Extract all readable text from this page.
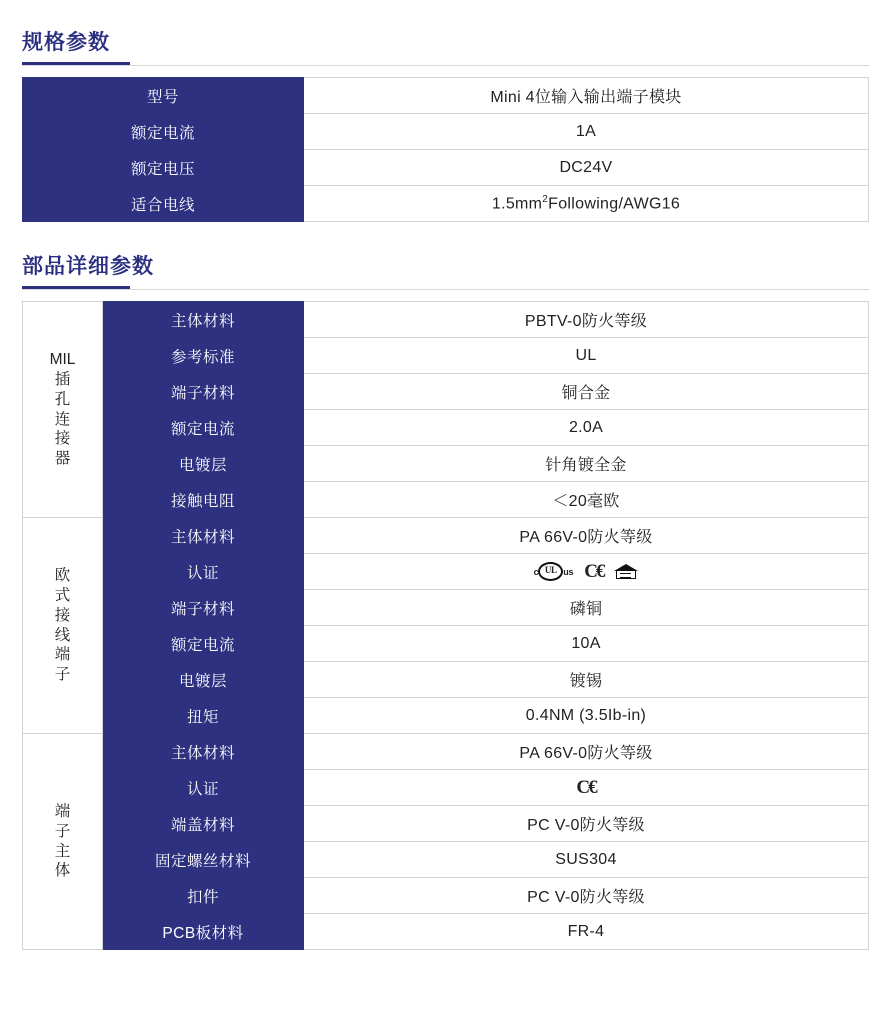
规格参数
型号	Mini 4位输入输出端子模块
额定电流	1A
额定电压	DC24V
适合电线	$1.5mm^2Following/AWG16$
部品详细参数
MIL
插
孔
连
接
器	主体材料	PBTV-0防火等级
	参考标准	UL
	端子材料	铜合金
	额定电流	2.0A
	电镀层	针角镀全金
	接触电阻	＜20毫欧
欧
式
接
线
端
子	主体材料	PA 66V-0防火等级
	认证	c UL us C€

	端子材料	磷铜
	额定电流	10A
	电镀层	镀锡
	扭矩	0.4NM (3.5Ib-in)
端
子
主
体	主体材料	PA 66V-0防火等级
	认证	C€

	端盖材料	PC V-0防火等级
	固定螺丝材料	SUS304
	扣件	PC V-0防火等级
	PCB板材料	FR-4
